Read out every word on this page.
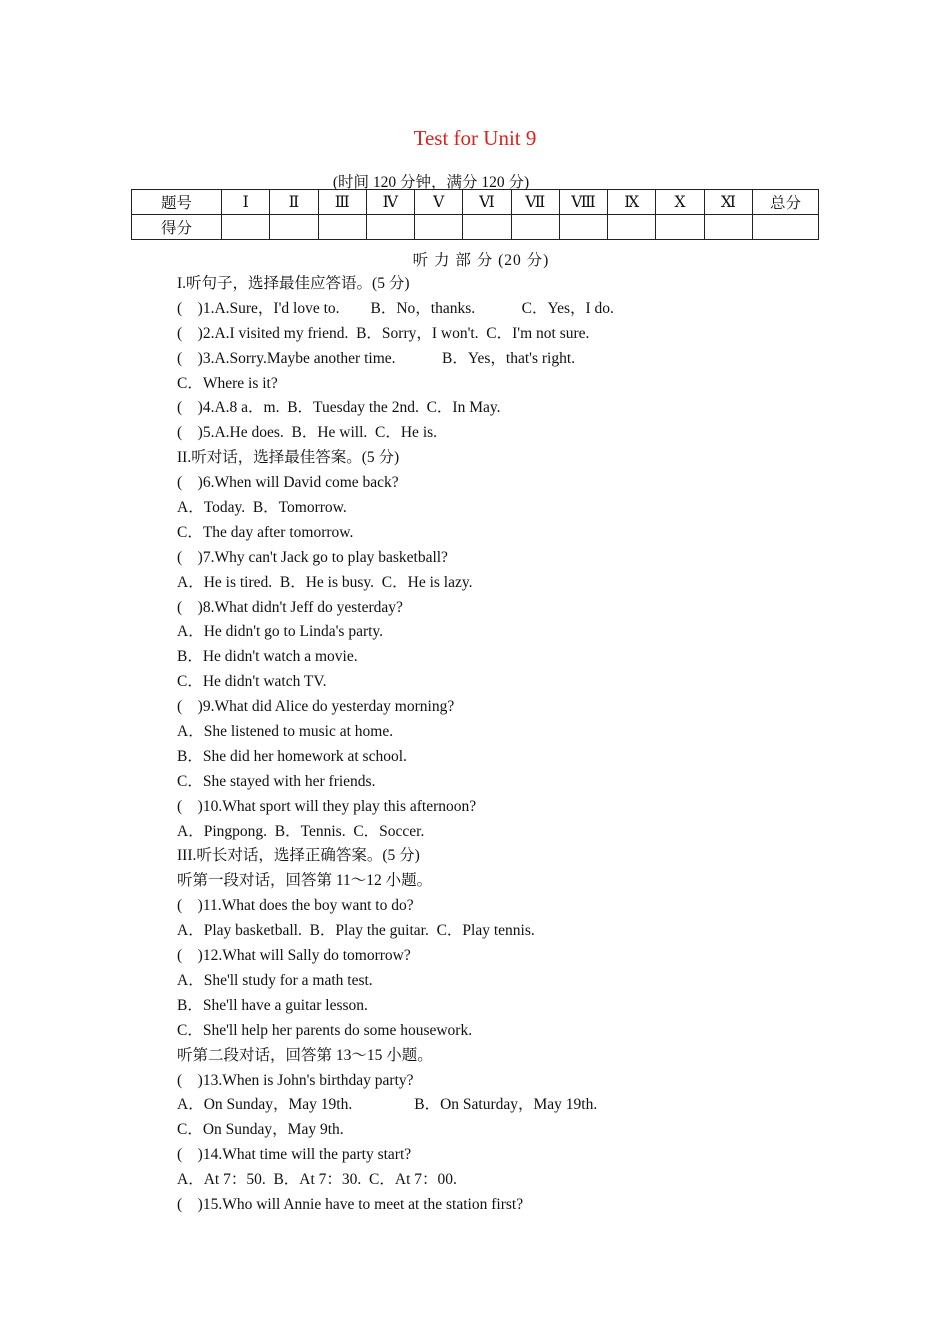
Test for Unit 9
(时间 120 分钟，满分 120 分)
题号	Ⅰ	Ⅱ	Ⅲ	Ⅳ	Ⅴ	Ⅵ	Ⅶ	Ⅷ	Ⅸ	Ⅹ	Ⅺ	总分
得分												
听 力 部 分 (20 分)
I.听句子，选择最佳应答语。(5 分)
(　)1.A.Sure，I'd love to.　　B．No，thanks.　　　C．Yes，I do.
(　)2.A.I visited my friend.  B．Sorry，I won't.  C．I'm not sure.
(　)3.A.Sorry.Maybe another time.　　　B．Yes，that's right.
C．Where is it?
(　)4.A.8 a．m.  B．Tuesday the 2nd.  C．In May.
(　)5.A.He does.  B．He will.  C．He is.
II.听对话，选择最佳答案。(5 分)
(　)6.When will David come back?
A．Today.  B．Tomorrow.
C．The day after tomorrow.
(　)7.Why can't Jack go to play basketball?
A．He is tired.  B．He is busy.  C．He is lazy.
(　)8.What didn't Jeff do yesterday?
A．He didn't go to Linda's party.
B．He didn't watch a movie.
C．He didn't watch TV.
(　)9.What did Alice do yesterday morning?
A．She listened to music at home.
B．She did her homework at school.
C．She stayed with her friends.
(　)10.What sport will they play this afternoon?
A．Pingpong.  B．Tennis.  C．Soccer.
III.听长对话，选择正确答案。(5 分)
听第一段对话，回答第 11～12 小题。
(　)11.What does the boy want to do?
A．Play basketball.  B．Play the guitar.  C．Play tennis.
(　)12.What will Sally do tomorrow?
A．She'll study for a math test.
B．She'll have a guitar lesson.
C．She'll help her parents do some housework.
听第二段对话，回答第 13～15 小题。
(　)13.When is John's birthday party?
A．On Sunday，May 19th.　　　　B．On Saturday，May 19th.
C．On Sunday，May 9th.
(　)14.What time will the party start?
A．At 7：50.  B．At 7：30.  C．At 7：00.
(　)15.Who will Annie have to meet at the station first?
